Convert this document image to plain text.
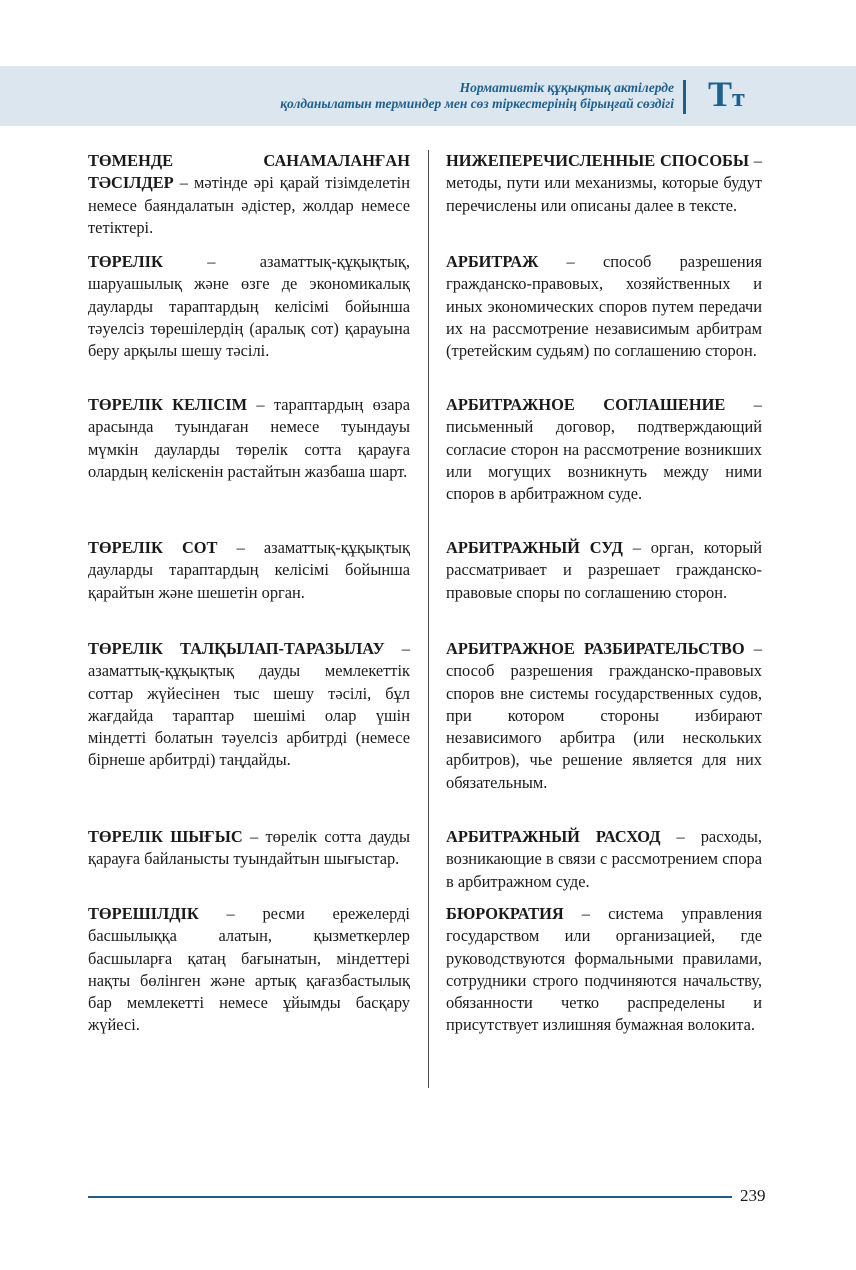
Нормативтік құқықтық актілерде
қолданылатын терминдер мен сөз тіркестерінің бірыңғай сөздігі Тт

ТӨМЕНДЕ САНАМАЛАНҒАН ТӘСІЛДЕР – мәтінде әрі қарай тізімделетін немесе баяндалатын әдістер, жолдар немесе тетіктері.

ТӨРЕЛІК – азаматтық-құқықтық, шаруашылық және өзге де экономикалық дауларды тараптардың келісімі бойынша тәуелсіз төрешілердің (аралық сот) қарауына беру арқылы шешу тәсілі.

ТӨРЕЛІК КЕЛІСІМ – тараптардың өзара арасында туындаған немесе туындауы мүмкін дауларды төрелік сотта қарауға олардың келіскенін растайтын жазбаша шарт.

ТӨРЕЛІК СОТ – азаматтық-құқықтық дауларды тараптардың келісімі бойынша қарайтын және шешетін орган.

ТӨРЕЛІК ТАЛҚЫЛАП-ТАРАЗЫЛАУ – азаматтық-құқықтық дауды мемлекеттік соттар жүйесінен тыс шешу тәсілі, бұл жағдайда тараптар шешімі олар үшін міндетті болатын тәуелсіз арбитрді (немесе бірнеше арбитрді) таңдайды.

ТӨРЕЛІК ШЫҒЫС – төрелік сотта дауды қарауға байланысты туындайтын шығыстар.

ТӨРЕШІЛДІК – ресми ережелерді басшылыққа алатын, қызметкерлер басшыларға қатаң бағынатын, міндеттері нақты бөлінген және артық қағазбастылық бар мемлекетті немесе ұйымды басқару жүйесі.

НИЖЕПЕРЕЧИСЛЕННЫЕ СПОСОБЫ – методы, пути или механизмы, которые будут перечислены или описаны далее в тексте.

АРБИТРАЖ – способ разрешения гражданско-правовых, хозяйственных и иных экономических споров путем передачи их на рассмотрение независимым арбитрам (третейским судьям) по соглашению сторон.

АРБИТРАЖНОЕ СОГЛАШЕНИЕ – письменный договор, подтверждающий согласие сторон на рассмотрение возникших или могущих возникнуть между ними споров в арбитражном суде.

АРБИТРАЖНЫЙ СУД – орган, который рассматривает и разрешает гражданско-правовые споры по соглашению сторон.

АРБИТРАЖНОЕ РАЗБИРАТЕЛЬСТВО – способ разрешения гражданско-правовых споров вне системы государственных судов, при котором стороны избирают независимого арбитра (или нескольких арбитров), чье решение является для них обязательным.

АРБИТРАЖНЫЙ РАСХОД – расходы, возникающие в связи с рассмотрением спора в арбитражном суде.

БЮРОКРАТИЯ – система управления государством или организацией, где руководствуются формальными правилами, сотрудники строго подчиняются начальству, обязанности четко распределены и присутствует излишняя бумажная волокита.

239
